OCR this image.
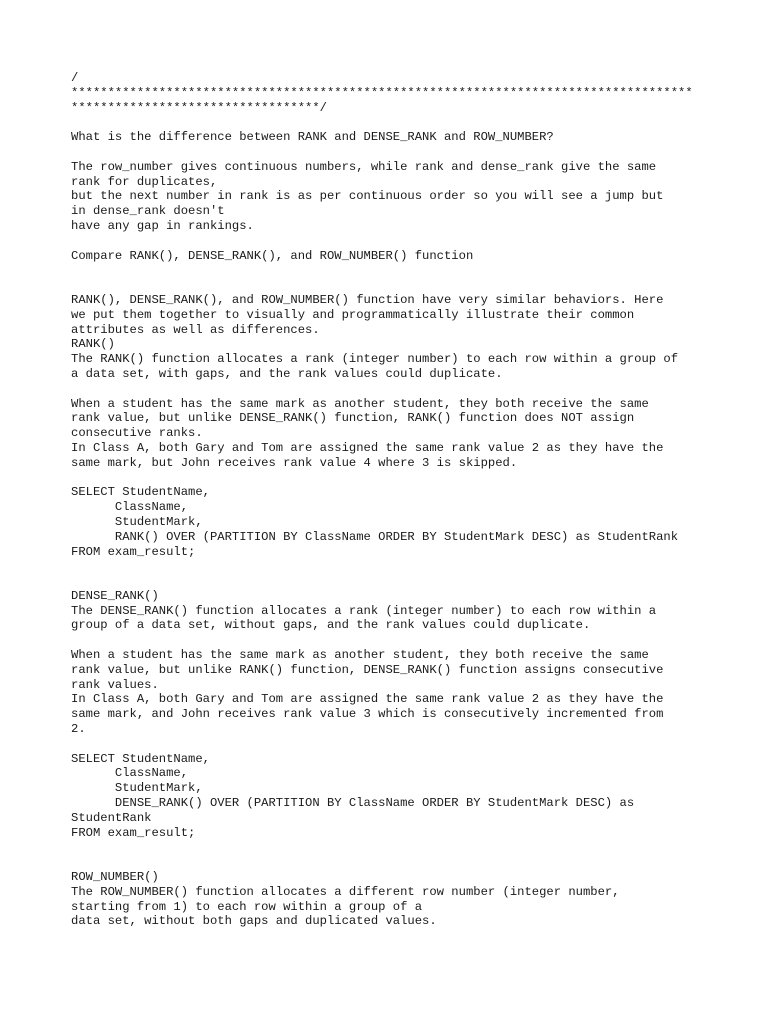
/
*************************************************************************************
**********************************/
What is the difference between RANK and DENSE_RANK and ROW_NUMBER?
The row_number gives continuous numbers, while rank and dense_rank give the same
rank for duplicates,
but the next number in rank is as per continuous order so you will see a jump but
in dense_rank doesn't
have any gap in rankings.
Compare RANK(), DENSE_RANK(), and ROW_NUMBER() function
RANK(), DENSE_RANK(), and ROW_NUMBER() function have very similar behaviors. Here
we put them together to visually and programmatically illustrate their common
attributes as well as differences.
RANK()
The RANK() function allocates a rank (integer number) to each row within a group of
a data set, with gaps, and the rank values could duplicate.
When a student has the same mark as another student, they both receive the same
rank value, but unlike DENSE_RANK() function, RANK() function does NOT assign
consecutive ranks.
In Class A, both Gary and Tom are assigned the same rank value 2 as they have the
same mark, but John receives rank value 4 where 3 is skipped.
SELECT StudentName,
ClassName,
StudentMark,
RANK() OVER (PARTITION BY ClassName ORDER BY StudentMark DESC) as StudentRank
FROM exam_result;
DENSE_RANK()
The DENSE_RANK() function allocates a rank (integer number) to each row within a
group of a data set, without gaps, and the rank values could duplicate.
When a student has the same mark as another student, they both receive the same
rank value, but unlike RANK() function, DENSE_RANK() function assigns consecutive
rank values.
In Class A, both Gary and Tom are assigned the same rank value 2 as they have the
same mark, and John receives rank value 3 which is consecutively incremented from
2.
SELECT StudentName,
ClassName,
StudentMark,
DENSE_RANK() OVER (PARTITION BY ClassName ORDER BY StudentMark DESC) as
StudentRank
FROM exam_result;
ROW_NUMBER()
The ROW_NUMBER() function allocates a different row number (integer number,
starting from 1) to each row within a group of a
data set, without both gaps and duplicated values.
